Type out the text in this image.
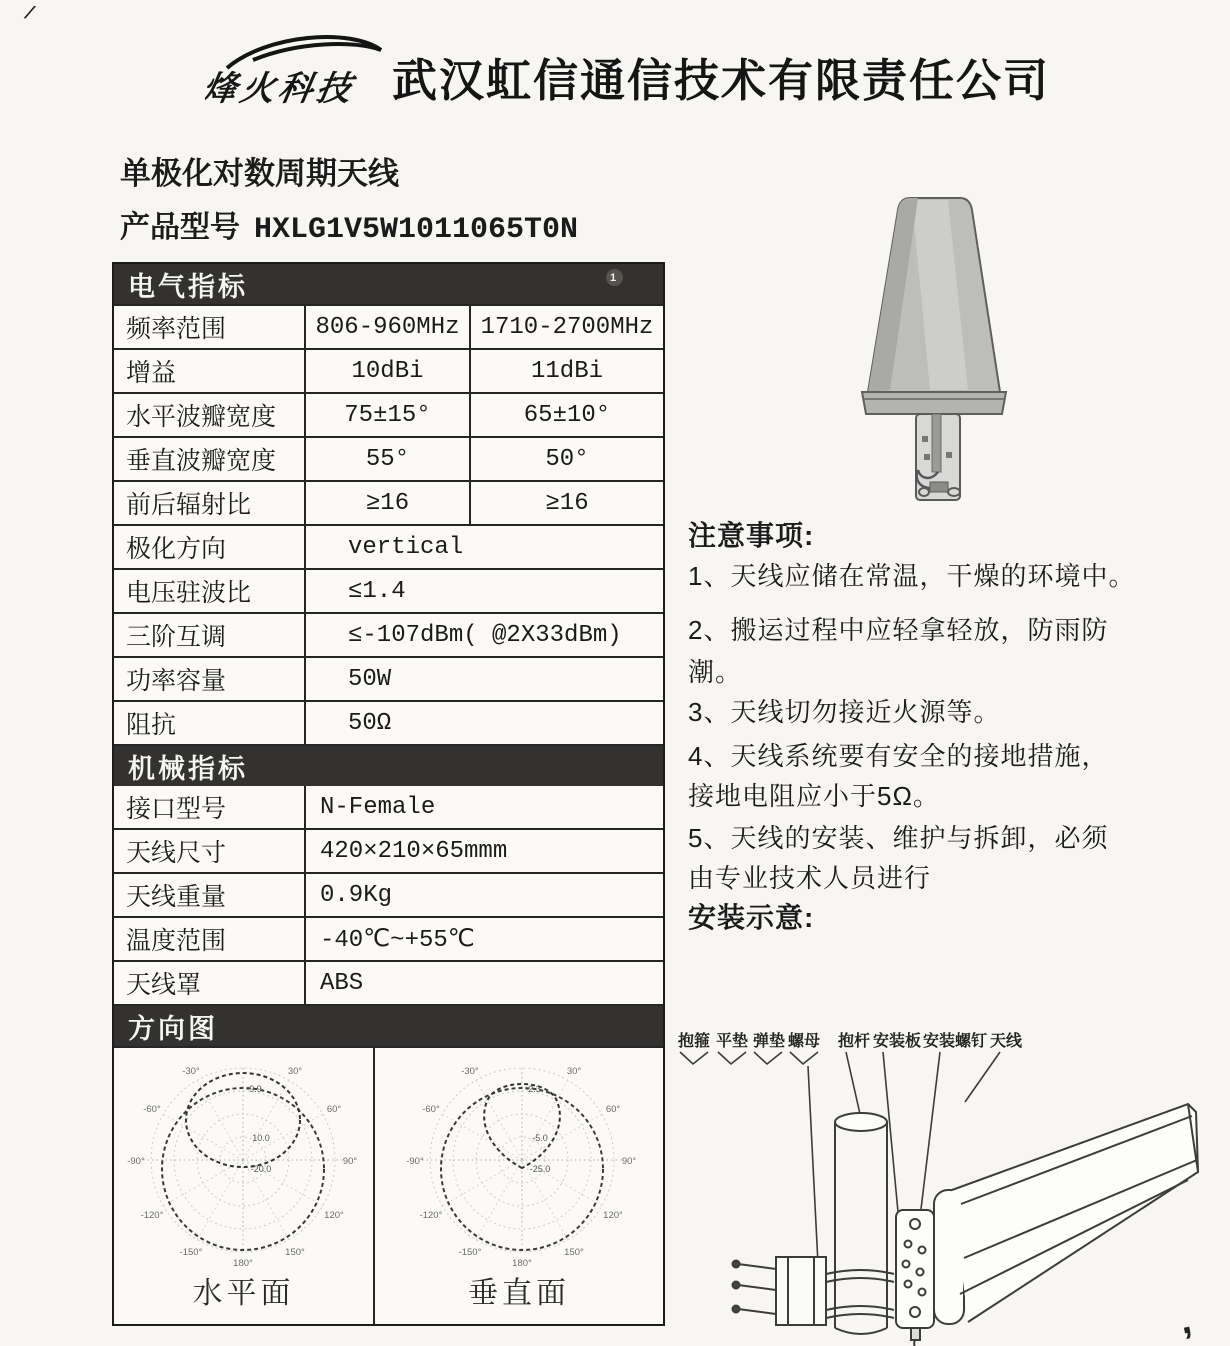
∕
,
烽火科技 武汉虹信通信技术有限责任公司
单极化对数周期天线
产品型号 HXLG1V5W1011065T0N
电气指标	1
频率范围	806-960MHz 1710-2700MHz
增益	10dBi	11dBi
水平波瓣宽度	75±15°	65±10°
垂直波瓣宽度	55°	50°
前后辐射比	≥16	≥16
极化方向	vertical
电压驻波比	≤1.4
三阶互调	≤-107dBm( @2X33dBm)
功率容量	50W
阻抗	50Ω
机械指标
接口型号	N-Female
天线尺寸	420×210×65mmm
天线重量	0.9Kg
温度范围	-40℃~+55℃
天线罩	ABS
方向图
-30°	30°
-60°	60°
-90°	90°
-120°	120°
-150°	150°
180°
-9.9
10.0
-20.0
水平面
-30°	30°
-60°	60°
-90°	90°
-120°	120°
-150°	150°
180°
-2.3
-5.0
-25.0
垂直面
注意事项:
1、天线应储在常温，干燥的环境中。
2、搬运过程中应轻拿轻放，防雨防
潮。
3、天线切勿接近火源等。
4、天线系统要有安全的接地措施，
接地电阻应小于5Ω。
5、天线的安装、维护与拆卸，必须
由专业技术人员进行
安装示意:
抱箍 平垫 弹垫 螺母 抱杆 安装板 安装螺钉 天线
